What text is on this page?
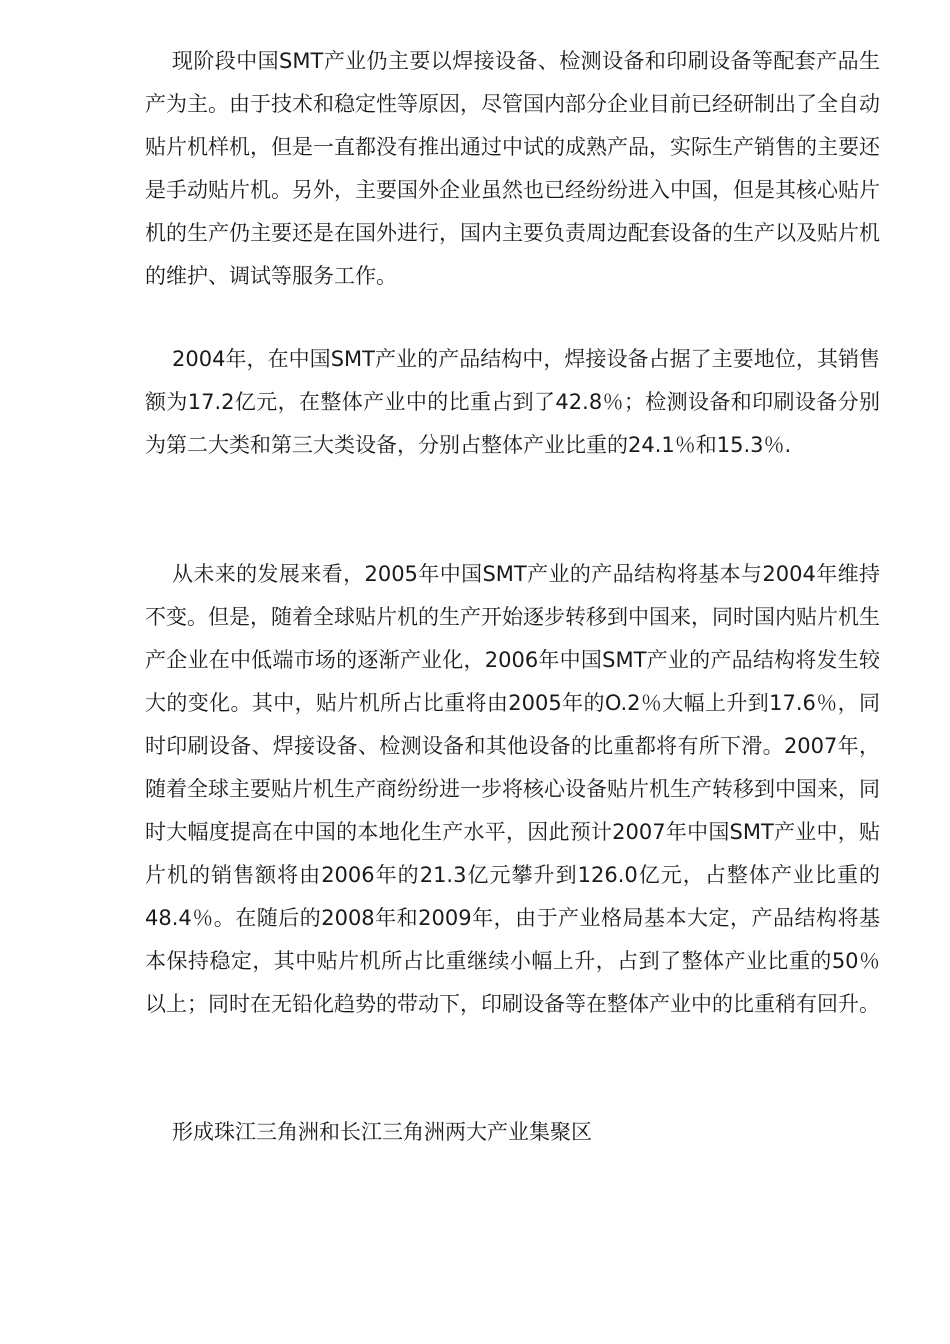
现阶段中国SMT产业仍主要以焊接设备、检测设备和印刷设备等配套产品生产为主。由于技术和稳定性等原因，尽管国内部分企业目前已经研制出了全自动贴片机样机，但是一直都没有推出通过中试的成熟产品，实际生产销售的主要还是手动贴片机。另外，主要国外企业虽然也已经纷纷进入中国，但是其核心贴片机的生产仍主要还是在国外进行，国内主要负责周边配套设备的生产以及贴片机的维护、调试等服务工作。

2004年，在中国SMT产业的产品结构中，焊接设备占据了主要地位，其销售额为17.2亿元，在整体产业中的比重占到了42.8％；检测设备和印刷设备分别为第二大类和第三大类设备，分别占整体产业比重的24.1％和15.3％.

从未来的发展来看，2005年中国SMT产业的产品结构将基本与2004年维持不变。但是，随着全球贴片机的生产开始逐步转移到中国来，同时国内贴片机生产企业在中低端市场的逐渐产业化，2006年中国SMT产业的产品结构将发生较大的变化。其中，贴片机所占比重将由2005年的O.2％大幅上升到17.6％，同时印刷设备、焊接设备、检测设备和其他设备的比重都将有所下滑。2007年，随着全球主要贴片机生产商纷纷进一步将核心设备贴片机生产转移到中国来，同时大幅度提高在中国的本地化生产水平，因此预计2007年中国SMT产业中，贴片机的销售额将由2006年的21.3亿元攀升到126.0亿元，占整体产业比重的48.4％。在随后的2008年和2009年，由于产业格局基本大定，产品结构将基本保持稳定，其中贴片机所占比重继续小幅上升，占到了整体产业比重的50％以上；同时在无铅化趋势的带动下，印刷设备等在整体产业中的比重稍有回升。

形成珠江三角洲和长江三角洲两大产业集聚区
